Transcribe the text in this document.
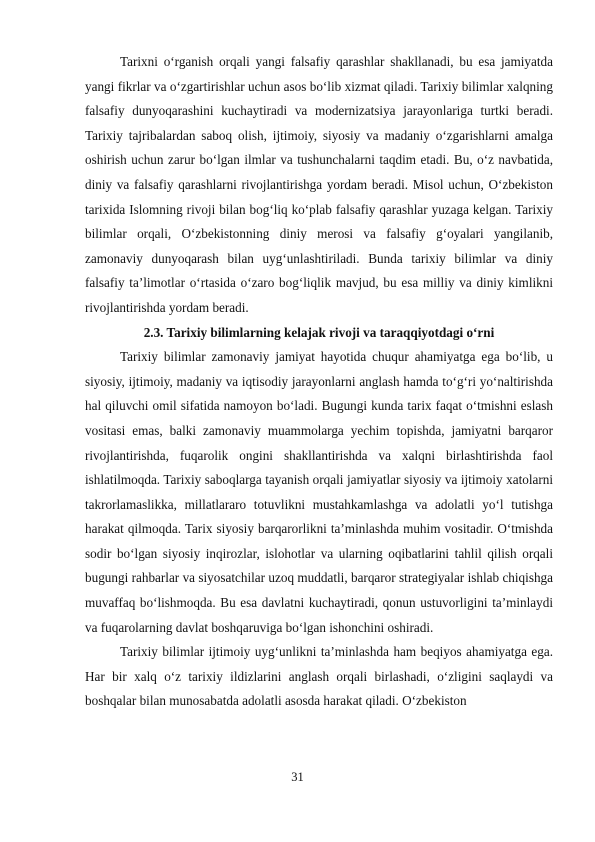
Tarixni o‘rganish orqali yangi falsafiy qarashlar shakllanadi, bu esa jamiyatda yangi fikrlar va o‘zgartirishlar uchun asos bo‘lib xizmat qiladi. Tarixiy bilimlar xalqning falsafiy dunyoqarashini kuchaytiradi va modernizatsiya jarayonlariga turtki beradi. Tarixiy tajribalardan saboq olish, ijtimoiy, siyosiy va madaniy o‘zgarishlarni amalga oshirish uchun zarur bo‘lgan ilmlar va tushunchalarni taqdim etadi. Bu, o‘z navbatida, diniy va falsafiy qarashlarni rivojlantirishga yordam beradi. Misol uchun, O‘zbekiston tarixida Islomning rivoji bilan bog‘liq ko‘plab falsafiy qarashlar yuzaga kelgan. Tarixiy bilimlar orqali, O‘zbekistonning diniy merosi va falsafiy g‘oyalari yangilanib, zamonaviy dunyoqarash bilan uyg‘unlashtiriladi. Bunda tarixiy bilimlar va diniy falsafiy ta’limotlar o‘rtasida o‘zaro bog‘liqlik mavjud, bu esa milliy va diniy kimlikni rivojlantirishda yordam beradi.

2.3. Tarixiy bilimlarning kelajak rivoji va taraqqiyotdagi o‘rni

Tarixiy bilimlar zamonaviy jamiyat hayotida chuqur ahamiyatga ega bo‘lib, u siyosiy, ijtimoiy, madaniy va iqtisodiy jarayonlarni anglash hamda to‘g‘ri yo‘naltirishda hal qiluvchi omil sifatida namoyon bo‘ladi. Bugungi kunda tarix faqat o‘tmishni eslash vositasi emas, balki zamonaviy muammolarga yechim topishda, jamiyatni barqaror rivojlantirishda, fuqarolik ongini shakllantirishda va xalqni birlashtirishda faol ishlatilmoqda. Tarixiy saboqlarga tayanish orqali jamiyatlar siyosiy va ijtimoiy xatolarni takrorlamaslikka, millatlararo totuvlikni mustahkamlashga va adolatli yo‘l tutishga harakat qilmoqda. Tarix siyosiy barqarorlikni ta’minlashda muhim vositadir. O‘tmishda sodir bo‘lgan siyosiy inqirozlar, islohotlar va ularning oqibatlarini tahlil qilish orqali bugungi rahbarlar va siyosatchilar uzoq muddatli, barqaror strategiyalar ishlab chiqishga muvaffaq bo‘lishmoqda. Bu esa davlatni kuchaytiradi, qonun ustuvorligini ta’minlaydi va fuqarolarning davlat boshqaruviga bo‘lgan ishonchini oshiradi.

Tarixiy bilimlar ijtimoiy uyg‘unlikni ta’minlashda ham beqiyos ahamiyatga ega. Har bir xalq o‘z tarixiy ildizlarini anglash orqali birlashadi, o‘zligini saqlaydi va boshqalar bilan munosabatda adolatli asosda harakat qiladi. O‘zbekiston

31
